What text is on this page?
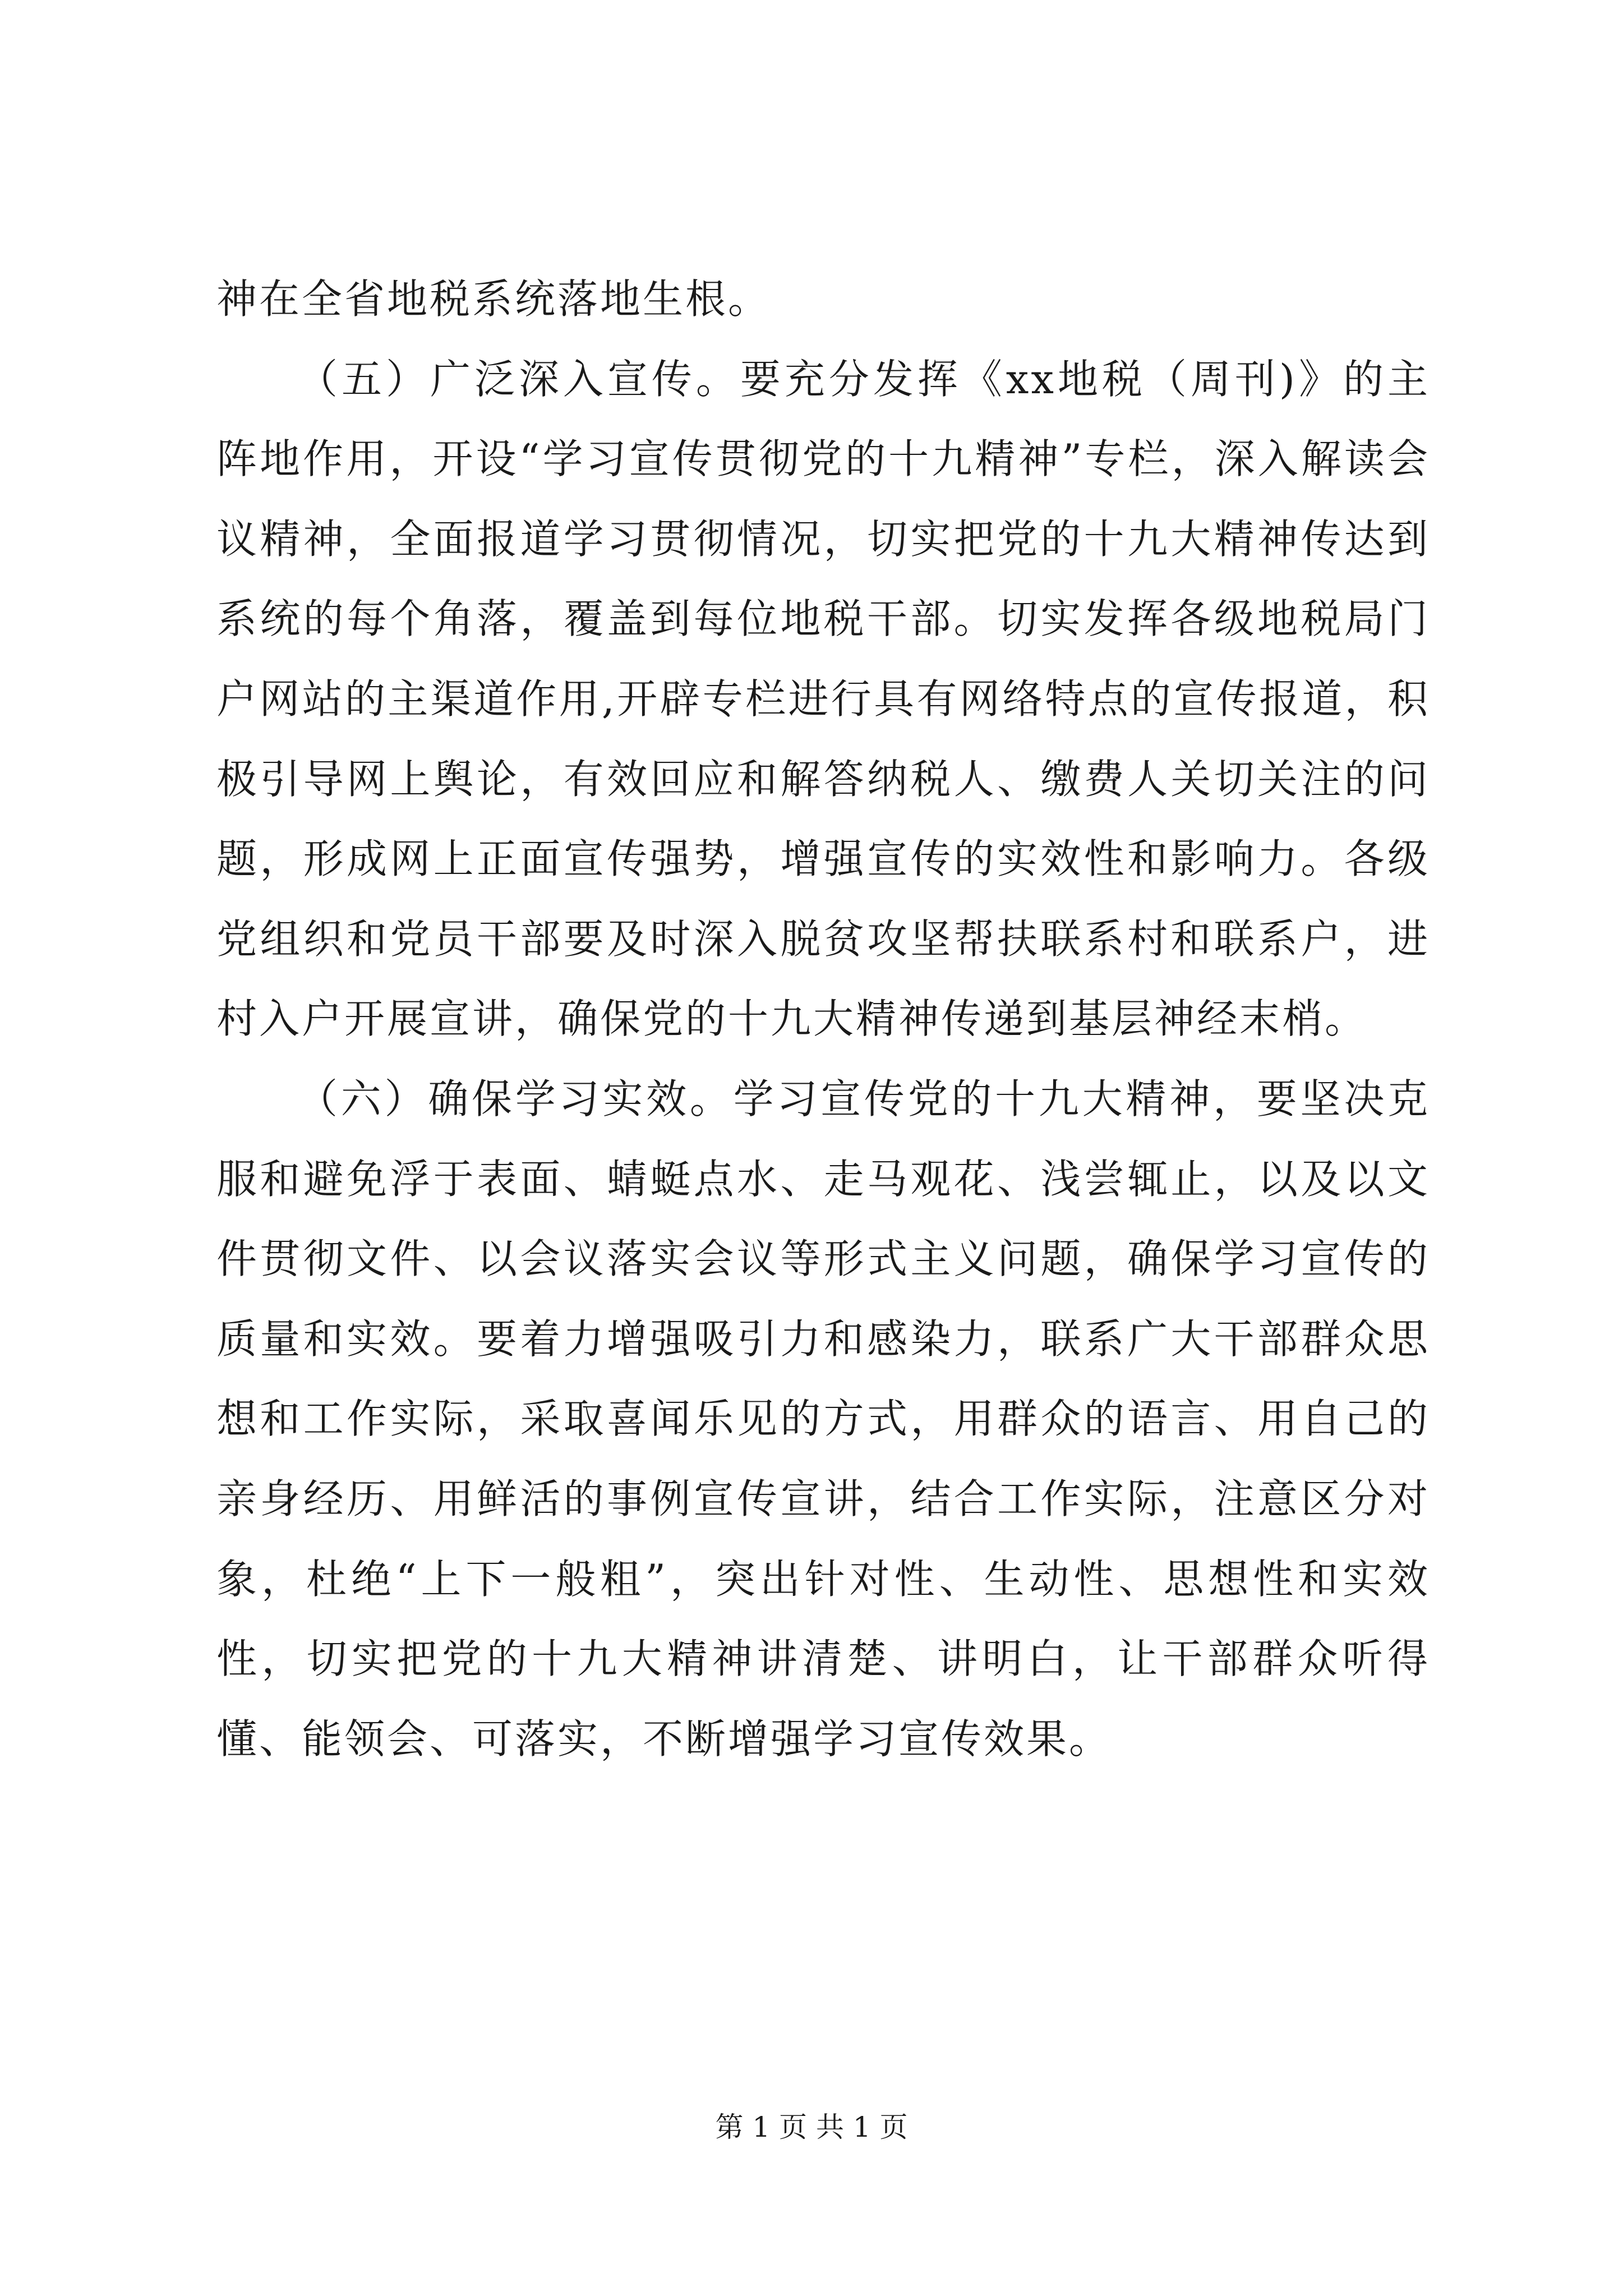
神在全省地税系统落地生根。

（五）广泛深入宣传。要充分发挥《xx地税（周刊)》的主阵地作用，开设“学习宣传贯彻党的十九精神”专栏，深入解读会议精神，全面报道学习贯彻情况，切实把党的十九大精神传达到系统的每个角落，覆盖到每位地税干部。切实发挥各级地税局门户网站的主渠道作用,开辟专栏进行具有网络特点的宣传报道，积极引导网上舆论，有效回应和解答纳税人、缴费人关切关注的问题，形成网上正面宣传强势，增强宣传的实效性和影响力。各级党组织和党员干部要及时深入脱贫攻坚帮扶联系村和联系户，进村入户开展宣讲，确保党的十九大精神传递到基层神经末梢。

（六）确保学习实效。学习宣传党的十九大精神，要坚决克服和避免浮于表面、蜻蜓点水、走马观花、浅尝辄止，以及以文件贯彻文件、以会议落实会议等形式主义问题，确保学习宣传的质量和实效。要着力增强吸引力和感染力，联系广大干部群众思想和工作实际，采取喜闻乐见的方式，用群众的语言、用自己的亲身经历、用鲜活的事例宣传宣讲，结合工作实际，注意区分对象，杜绝“上下一般粗”，突出针对性、生动性、思想性和实效性，切实把党的十九大精神讲清楚、讲明白，让干部群众听得懂、能领会、可落实，不断增强学习宣传效果。

第 1 页 共 1 页
